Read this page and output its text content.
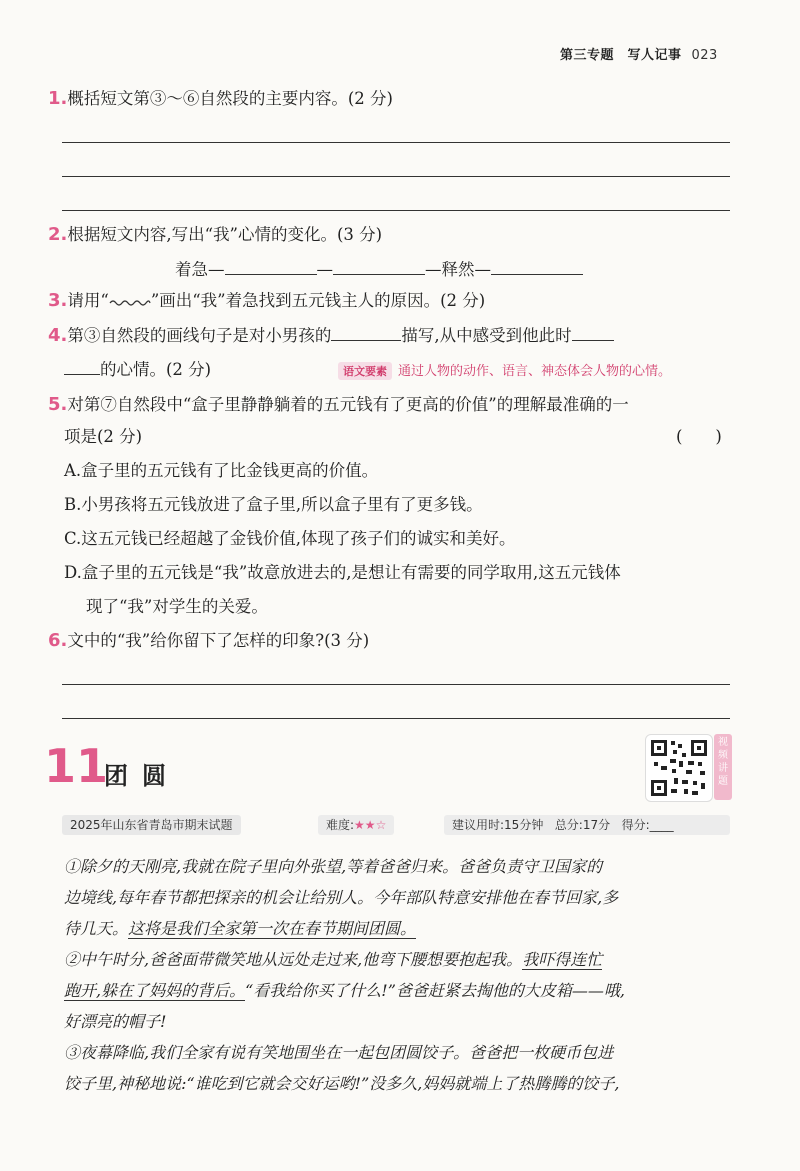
第三专题　写人记事 023
1.概括短文第③～⑥自然段的主要内容。(2 分)
2.根据短文内容,写出“我”心情的变化。(3 分)
着急—	—	—释然—
3.请用“	”画出“我”着急找到五元钱主人的原因。(2 分)
4.第③自然段的画线句子是对小男孩的	描写,从中感受到他此时
的心情。(2 分)	语文要素 通过人物的动作、语言、神态体会人物的心情。
5.对第⑦自然段中“盒子里静静躺着的五元钱有了更高的价值”的理解最准确的一
项是(2 分)	(　　)
A.盒子里的五元钱有了比金钱更高的价值。
B.小男孩将五元钱放进了盒子里,所以盒子里有了更多钱。
C.这五元钱已经超越了金钱价值,体现了孩子们的诚实和美好。
D.盒子里的五元钱是“我”故意放进去的,是想让有需要的同学取用,这五元钱体
现了“我”对学生的关爱。
6.文中的“我”给你留下了怎样的印象?(3 分)
11
团圆
视频讲题
2025年山东省青岛市期末试题	难度:★★☆	建议用时:15分钟 总分:17分 得分:____
①除夕的天刚亮,我就在院子里向外张望,等着爸爸归来。爸爸负责守卫国家的
边境线,每年春节都把探亲的机会让给别人。今年部队特意安排他在春节回家,多
待几天。这将是我们全家第一次在春节期间团圆。
②中午时分,爸爸面带微笑地从远处走过来,他弯下腰想要抱起我。我吓得连忙
跑开,躲在了妈妈的背后。“看我给你买了什么!”爸爸赶紧去掏他的大皮箱——哦,
好漂亮的帽子!
③夜幕降临,我们全家有说有笑地围坐在一起包团圆饺子。爸爸把一枚硬币包进
饺子里,神秘地说:“谁吃到它就会交好运哟!”没多久,妈妈就端上了热腾腾的饺子,
